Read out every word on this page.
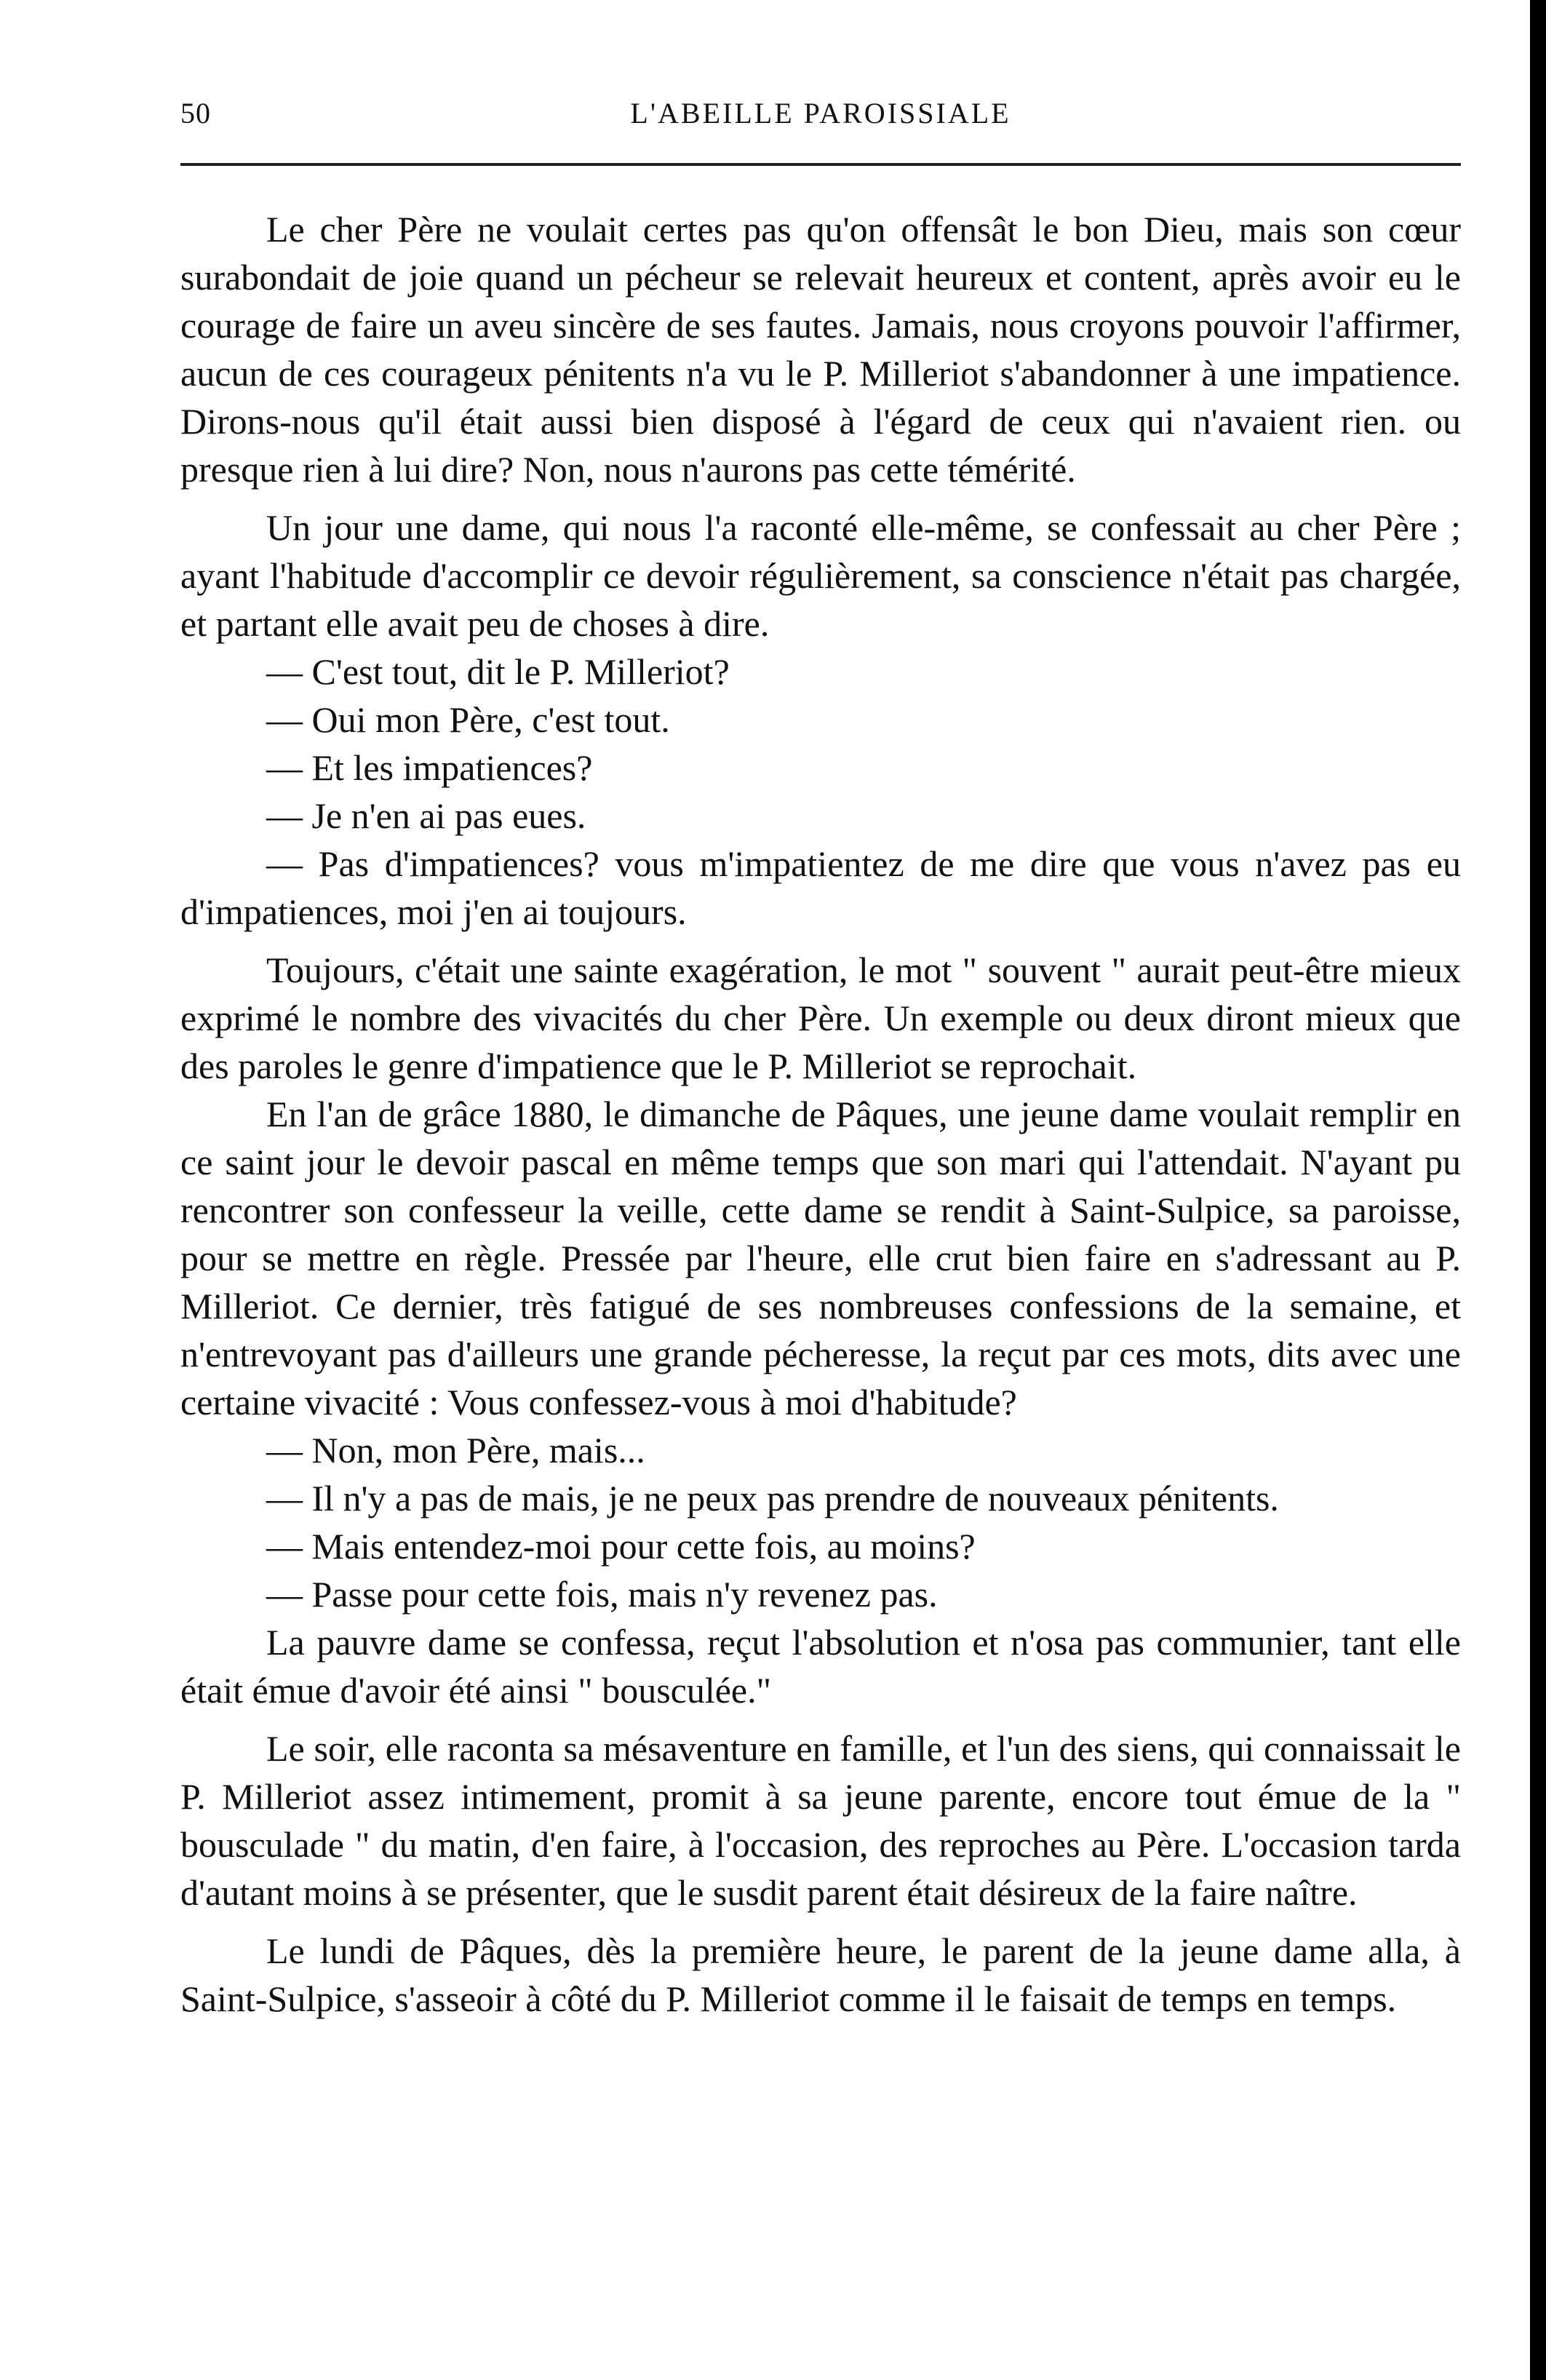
50	L'ABEILLE PAROISSIALE

Le cher Père ne voulait certes pas qu'on offensât le bon Dieu, mais son cœur surabondait de joie quand un pécheur se relevait heureux et content, après avoir eu le courage de faire un aveu sincère de ses fautes. Jamais, nous croyons pouvoir l'affirmer, aucun de ces courageux pénitents n'a vu le P. Milleriot s'abandonner à une impatience. Dirons-nous qu'il était aussi bien disposé à l'égard de ceux qui n'avaient rien. ou presque rien à lui dire? Non, nous n'aurons pas cette témérité.

Un jour une dame, qui nous l'a raconté elle-même, se confessait au cher Père ; ayant l'habitude d'accomplir ce devoir régulièrement, sa conscience n'était pas chargée, et partant elle avait peu de choses à dire.

— C'est tout, dit le P. Milleriot?

— Oui mon Père, c'est tout.

— Et les impatiences?

— Je n'en ai pas eues.

— Pas d'impatiences? vous m'impatientez de me dire que vous n'avez pas eu d'impatiences, moi j'en ai toujours.

Toujours, c'était une sainte exagération, le mot " souvent " aurait peut-être mieux exprimé le nombre des vivacités du cher Père. Un exemple ou deux diront mieux que des paroles le genre d'impatience que le P. Milleriot se reprochait.

En l'an de grâce 1880, le dimanche de Pâques, une jeune dame voulait remplir en ce saint jour le devoir pascal en même temps que son mari qui l'attendait. N'ayant pu rencontrer son confesseur la veille, cette dame se rendit à Saint-Sulpice, sa paroisse, pour se mettre en règle. Pressée par l'heure, elle crut bien faire en s'adressant au P. Milleriot. Ce dernier, très fatigué de ses nombreuses confessions de la semaine, et n'entrevoyant pas d'ailleurs une grande pécheresse, la reçut par ces mots, dits avec une certaine vivacité : Vous confessez-vous à moi d'habitude?

— Non, mon Père, mais...

— Il n'y a pas de mais, je ne peux pas prendre de nouveaux pénitents.

— Mais entendez-moi pour cette fois, au moins?

— Passe pour cette fois, mais n'y revenez pas.

La pauvre dame se confessa, reçut l'absolution et n'osa pas communier, tant elle était émue d'avoir été ainsi " bousculée."

Le soir, elle raconta sa mésaventure en famille, et l'un des siens, qui connaissait le P. Milleriot assez intimement, promit à sa jeune parente, encore tout émue de la " bousculade " du matin, d'en faire, à l'occasion, des reproches au Père. L'occasion tarda d'autant moins à se présenter, que le susdit parent était désireux de la faire naître.

Le lundi de Pâques, dès la première heure, le parent de la jeune dame alla, à Saint-Sulpice, s'asseoir à côté du P. Milleriot comme il le faisait de temps en temps.
